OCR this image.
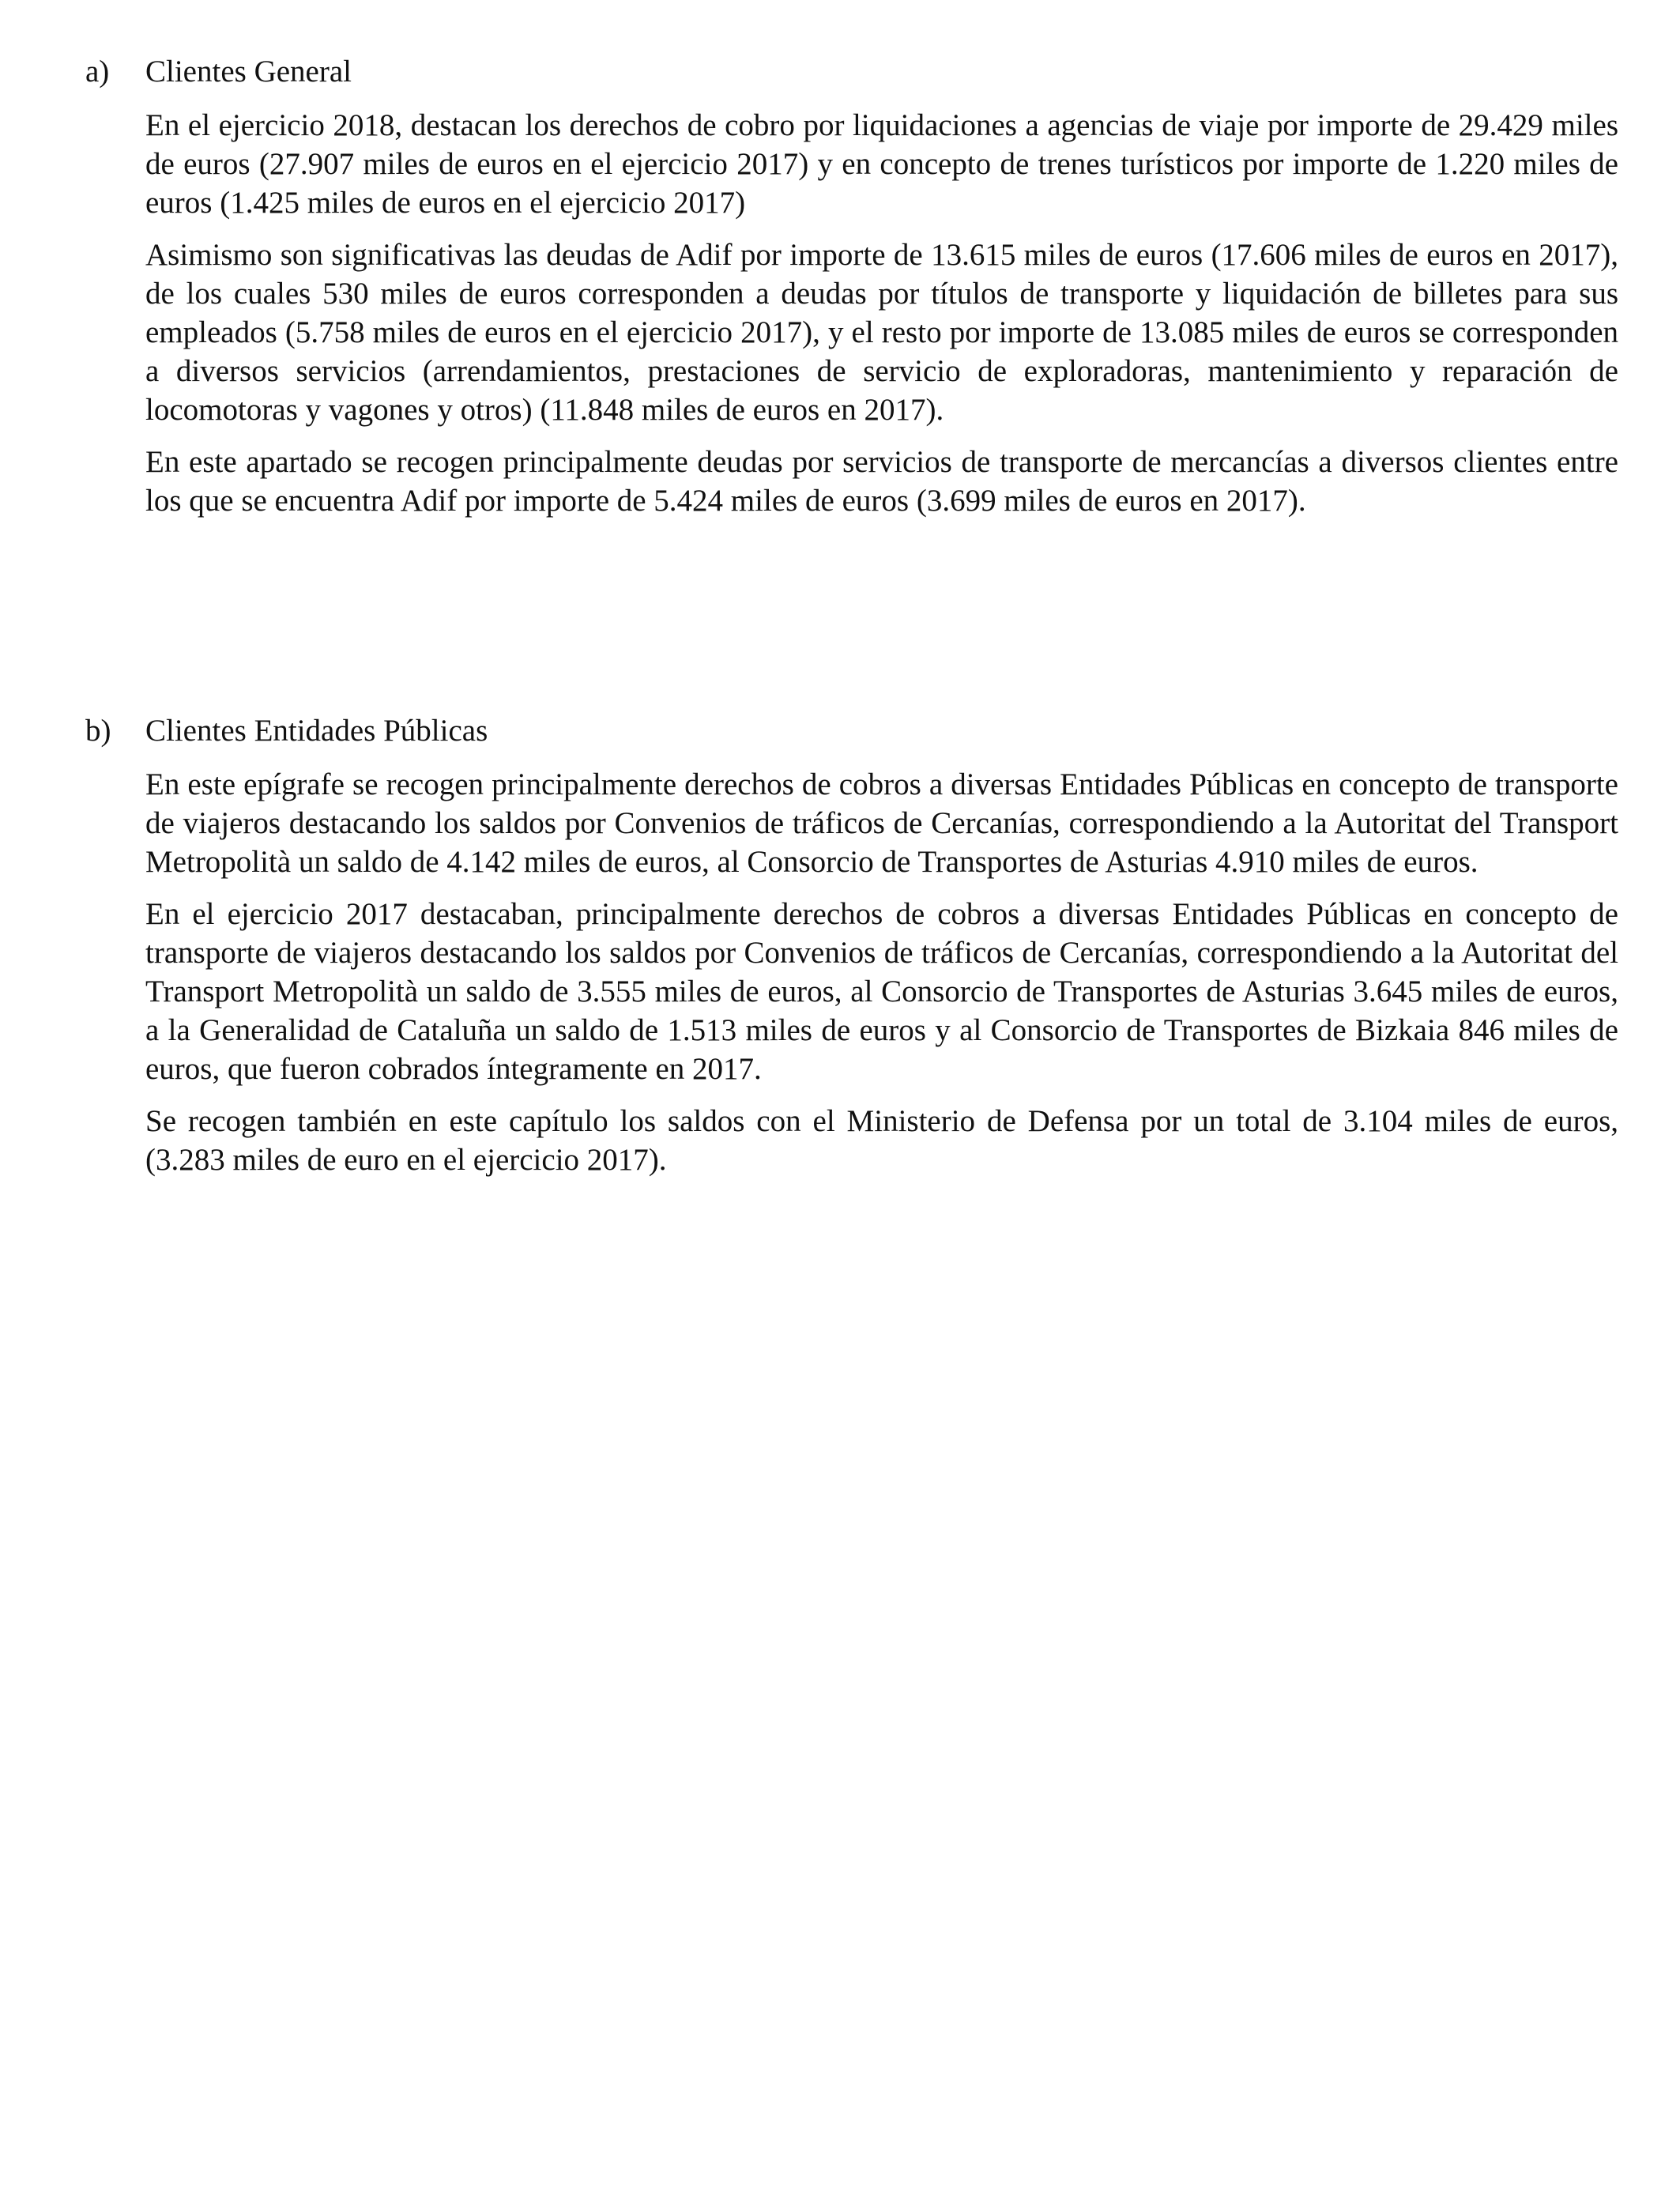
a)	Clientes General

En el ejercicio 2018, destacan los derechos de cobro por liquidaciones a agencias de viaje por importe de 29.429 miles de euros (27.907 miles de euros en el ejercicio 2017) y en concepto de trenes turísticos por importe de 1.220 miles de euros (1.425 miles de euros en el ejercicio 2017)

Asimismo son significativas las deudas de Adif por importe de 13.615 miles de euros (17.606 miles de euros en 2017), de los cuales 530 miles de euros corresponden a deudas por títulos de transporte y liquidación de billetes para sus empleados (5.758 miles de euros en el ejercicio 2017), y el resto por importe de 13.085 miles de euros se corresponden a diversos servicios (arrendamientos, prestaciones de servicio de exploradoras, mantenimiento y reparación de locomotoras y vagones y otros) (11.848 miles de euros en 2017).

En este apartado se recogen principalmente deudas por servicios de transporte de mercancías a diversos clientes entre los que se encuentra Adif por importe de 5.424 miles de euros (3.699 miles de euros en 2017).

b)	Clientes Entidades Públicas

En este epígrafe se recogen principalmente derechos de cobros a diversas Entidades Públicas en concepto de transporte de viajeros destacando los saldos por Convenios de tráficos de Cercanías, correspondiendo a la Autoritat del Transport Metropolità un saldo de 4.142 miles de euros, al Consorcio de Transportes de Asturias 4.910 miles de euros.

En el ejercicio 2017 destacaban, principalmente derechos de cobros a diversas Entidades Públicas en concepto de transporte de viajeros destacando los saldos por Convenios de tráficos de Cercanías, correspondiendo a la Autoritat del Transport Metropolità un saldo de 3.555 miles de euros, al Consorcio de Transportes de Asturias 3.645 miles de euros, a la Generalidad de Cataluña un saldo de 1.513 miles de euros y al Consorcio de Transportes de Bizkaia 846 miles de euros, que fueron cobrados íntegramente en 2017.

Se recogen también en este capítulo los saldos con el Ministerio de Defensa por un total de 3.104 miles de euros, (3.283 miles de euro en el ejercicio 2017).
